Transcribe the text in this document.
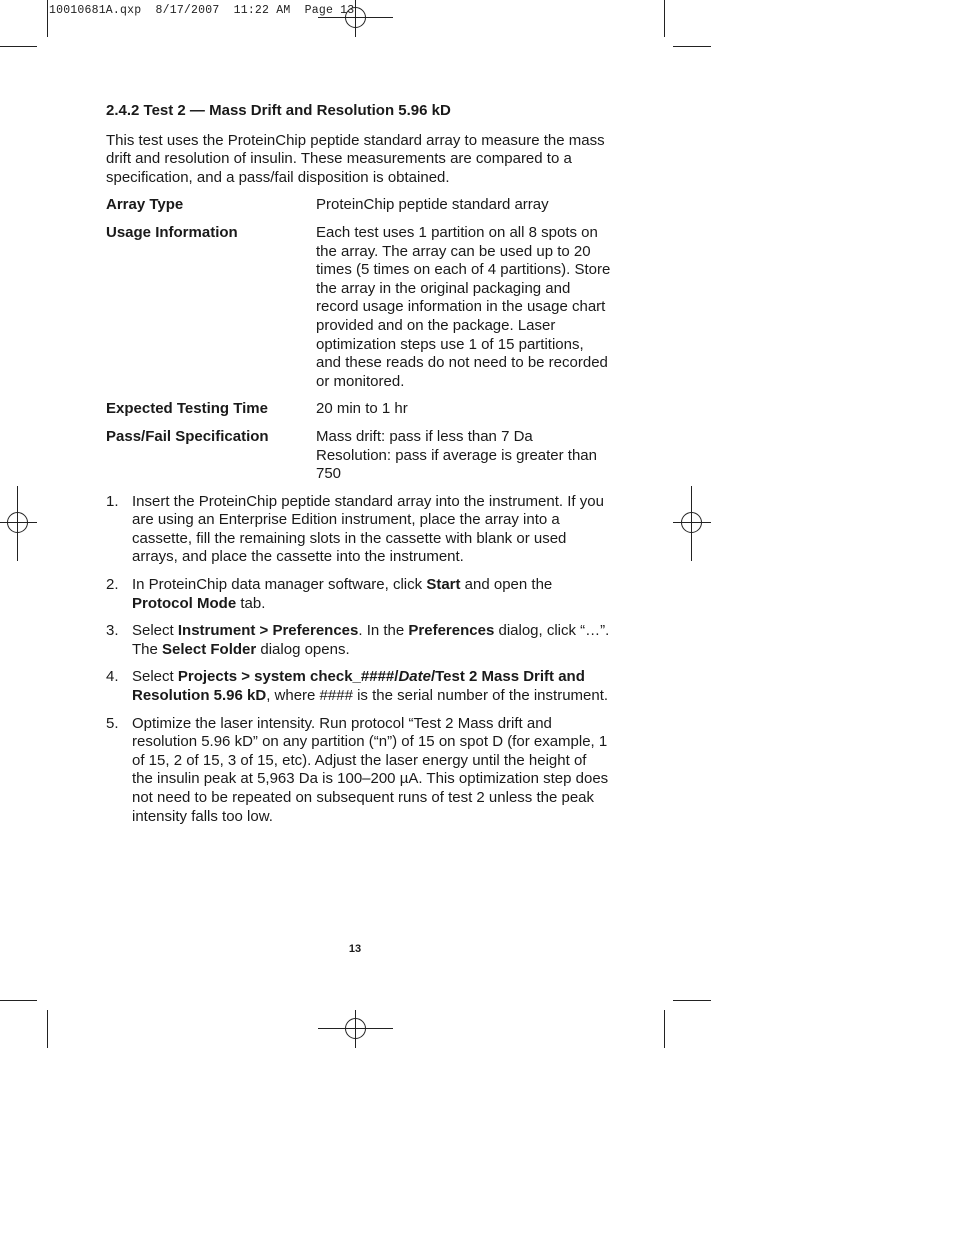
10010681A.qxp  8/17/2007  11:22 AM  Page 13
2.4.2 Test 2 — Mass Drift and Resolution 5.96 kD
This test uses the ProteinChip peptide standard array to measure the mass drift and resolution of insulin. These measurements are compared to a specification, and a pass/fail disposition is obtained.
Array Type	ProteinChip peptide standard array
Usage Information	Each test uses 1 partition on all 8 spots on the array. The array can be used up to 20 times (5 times on each of 4 partitions). Store the array in the original packaging and record usage information in the usage chart provided and on the package. Laser optimization steps use 1 of 15 partitions, and these reads do not need to be recorded or monitored.
Expected Testing Time	20 min to 1 hr
Pass/Fail Specification	Mass drift: pass if less than 7 Da
Resolution: pass if average is greater than 750
1. Insert the ProteinChip peptide standard array into the instrument. If you are using an Enterprise Edition instrument, place the array into a cassette, fill the remaining slots in the cassette with blank or used arrays, and place the cassette into the instrument.
2. In ProteinChip data manager software, click Start and open the Protocol Mode tab.
3. Select Instrument > Preferences. In the Preferences dialog, click “…”. The Select Folder dialog opens.
4. Select Projects > system check_####/Date/Test 2 Mass Drift and Resolution 5.96 kD, where #### is the serial number of the instrument.
5. Optimize the laser intensity. Run protocol “Test 2 Mass drift and resolution 5.96 kD” on any partition (“n”) of 15 on spot D (for example, 1 of 15, 2 of 15, 3 of 15, etc). Adjust the laser energy until the height of the insulin peak at 5,963 Da is 100–200 µA. This optimization step does not need to be repeated on subsequent runs of test 2 unless the peak intensity falls too low.
13
